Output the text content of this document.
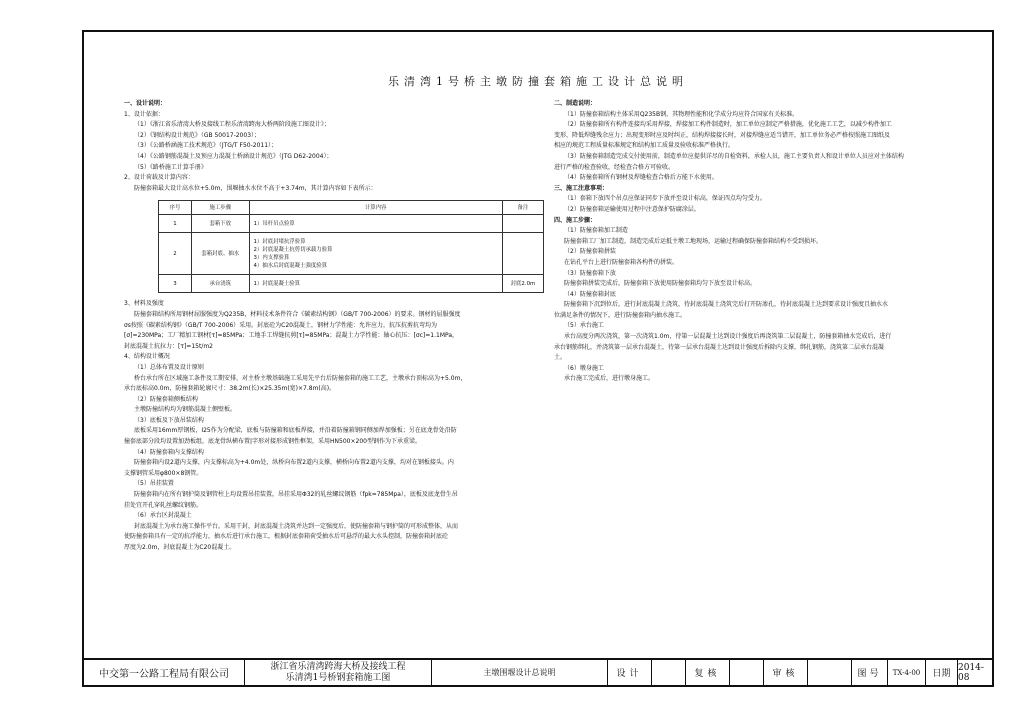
乐清湾1号桥主墩防撞套箱施工设计总说明
一、设计说明：
1、设计依据：
（1）《浙江省乐清湾大桥及接线工程乐清湾跨海大桥两阶段施工图设计》；
（2）《钢结构设计规范》（GB 50017-2003）；
（3）《公路桥涵施工技术规范》（JTG/T F50-2011）；
（4）《公路钢筋混凝土及预应力混凝土桥涵设计规范》（JTG D62-2004）；
（5）《路桥施工计算手册》
2、设计荷载及计算内容：
防撞套箱最大设计高水位+5.0m，围堰抽水水位不高于+3.74m，其计算内容如下表所示：
序号	施工步骤	计算内容	备注
1	套箱下放	1）吊杆吊点验算	

2	套箱封底、抽水	1）封底封堵抗浮验算
2）封底混凝土抗剪切承载力验算
3）内支撑验算
4）抽水后封底混凝土强度验算	

3	承台浇筑	1）封底混凝土验算	封底2.0m
3、材料及强度
防撞套箱结构所用钢材屈服强度为Q235B，材料技术条件符合《碳素结构钢》（GB/T 700-2006）的要求。钢材的屈服强度
σs按照《碳素结构钢》（GB/T 700-2006）采用。封底砼为C20混凝土，钢材力学性能：允许应力，抗压抗剪抗弯均为
[σ]=230MPa；工厂精加工钢材[τ]=85MPa；工地手工焊缝抗剪[τ]=85MPa；混凝土力学性能：轴心抗压：[σc]=1.1MPa，
封底混凝土抗拉力：[τ]=15t/m2
4、结构设计概况
（1）总体布置及设计原则
桥台承台所在区域施工条件及工期安排，对主桥主墩基础施工采用先平台后防撞套箱的施工工艺，主墩承台顶标高为+5.0m，
承台底标高0.0m，防撞套箱轮廓尺寸：38.2m(长)×25.35m(宽)×7.8m(高)。
（2）防撞套箱侧板结构
主墩防撞结构均为钢筋混凝土侧壁板。
（3）底板及下放吊装结构
底板采用16mm厚钢板，I25作为分配梁，底板与防撞箱和底板焊接，并沿着防撞箱钢同侧加焊加强板；另在底龙骨处沿防
撞套底部分段均设置加劲板组，底龙骨纵横布置|字形对接形成钢性框架，采用HN500×200型钢作为下承重梁。
（4）防撞套箱内支撑结构
防撞套箱内设2道内支撑，内支撑标高为+4.0m处，纵桥向布置2道内支撑，横桥向布置2道内支撑，均对在钢板接头。内
支撑钢管采用φ800×8钢管。
（5）吊挂装置
防撞套箱内在所有钢护筒及钢管柱上均设置吊挂装置，吊挂采用Φ32的轧丝螺纹钢筋（fpk=785Mpa），底板及底龙骨生吊
挂处宜开孔穿轧丝螺纹钢筋。
（6）承台区封混凝土
封底混凝土为承台施工操作平台，采用干封，封底混凝土浇筑并达到一定强度后，使防撞套箱与钢护筒的可形成整体，从而
使防撞套箱具有一定的抗浮能力，抽水后进行承台施工，根据封底套箱荷受抽水后可悬浮的最大水头控制，防撞套箱封底砼
厚度为2.0m，封底混凝土为C20混凝土。
二、制造说明：
（1）防撞套箱结构主体采用Q235B钢，其物理性能和化学成分均应符合国家有关标准。
（2）防撞套箱所有构件连接均采用焊接，焊接加工构件制造时，加工单位应制定严格措施，优化施工工艺，以减少构件加工
变形，降低焊缝残余应力；出现变形时应及时纠正，结构焊接接长时，对接焊缝应适当错开，加工单位务必严格按照施工图纸及
相应的规范工程质量标准规定和结构加工质量及验收标准严格执行。
（3）防撞套箱制造完成交付使用前，制造单位应提供详尽的自检资料，承检人员，施工主要负责人和设计单位人员应对主体结构
进行严格的检查验收，经检查合格方可验收。
（4）防撞套箱所有钢材及焊缝检查合格后方能下水使用。
三、施工注意事项：
（1）套箱下放四个吊点应保证同步下放并至设计标高，保证四点均匀受力。
（2）防撞套箱运输使用过程中注意保护防腐涂层。
四、施工步骤：
（1）防撞套箱加工制造
防撞套箱工厂加工制造，制造完成后运抵主墩工地现场，运输过程确保防撞套箱结构不受到损坏。
（2）防撞套箱拼装
在钻孔平台上进行防撞套箱各构件的拼装。
（3）防撞套箱下放
防撞套箱拼装完成后，防撞套箱下放使用防撞套箱均匀下放至设计标高。
（4）防撞套箱封底
防撞套箱下沉到位后，进行封底混凝土浇筑，待封底混凝土浇筑完后打开防渗孔，待封底混凝土达到要求设计强度且抽水水
位满足条件的情况下，进行防撞套箱内抽水施工。
（5）承台施工
承台高度分两次浇筑，第一次浇筑1.0m，待第一层混凝土达到设计强度后再浇筑第二层混凝土，防撞套箱抽水完成后，进行
承台钢筋绑扎，并浇筑第一层承台混凝土，待第一层承台混凝土达到设计强度后拆除内支撑，绑扎钢筋，浇筑第二层承台混凝
土。
（6）墩身施工
承台施工完成后，进行墩身施工。
中交第一公路工程局有限公司
浙江省乐清湾跨海大桥及接线工程
乐清湾1号桥钢套箱施工图	主墩围堰设计总说明	设计	复核	审核	图号	TX-4-00	日期
2014-08
